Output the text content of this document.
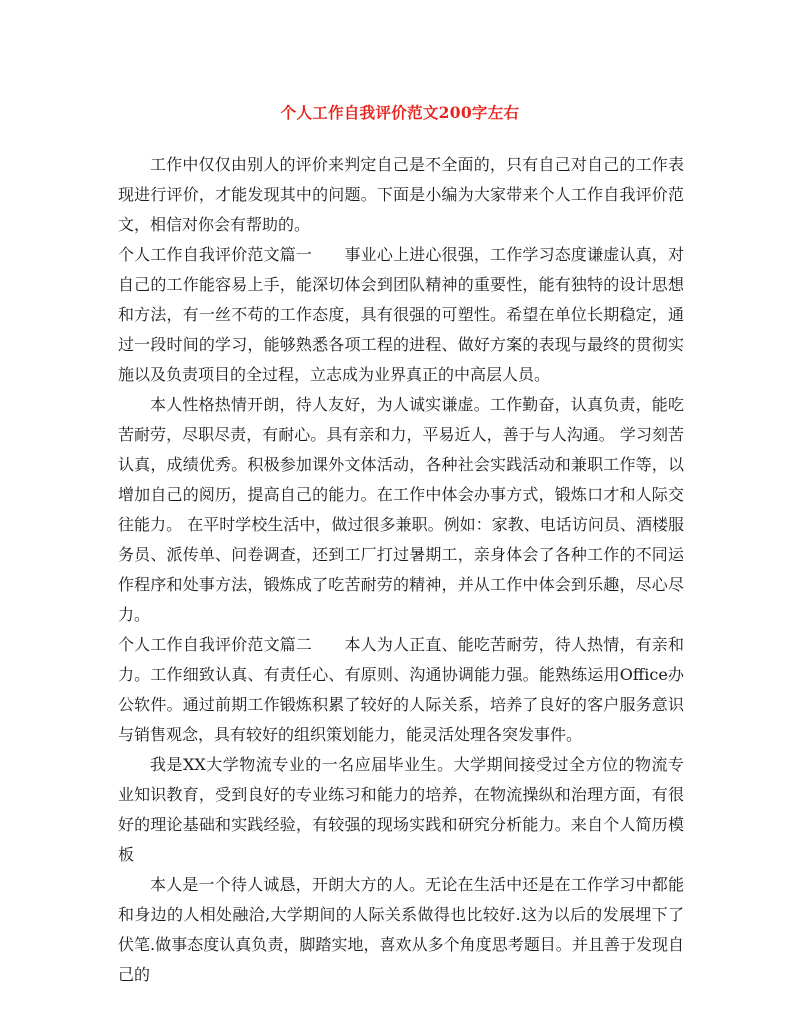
个人工作自我评价范文200字左右

工作中仅仅由别人的评价来判定自己是不全面的，只有自己对自己的工作表现进行评价，才能发现其中的问题。下面是小编为大家带来个人工作自我评价范文，相信对你会有帮助的。

个人工作自我评价范文篇一　　事业心上进心很强，工作学习态度谦虚认真，对自己的工作能容易上手，能深切体会到团队精神的重要性，能有独特的设计思想和方法，有一丝不苟的工作态度，具有很强的可塑性。希望在单位长期稳定，通过一段时间的学习，能够熟悉各项工程的进程、做好方案的表现与最终的贯彻实施以及负责项目的全过程，立志成为业界真正的中高层人员。

本人性格热情开朗，待人友好，为人诚实谦虚。工作勤奋，认真负责，能吃苦耐劳，尽职尽责，有耐心。具有亲和力，平易近人，善于与人沟通。 学习刻苦认真，成绩优秀。积极参加课外文体活动，各种社会实践活动和兼职工作等，以增加自己的阅历，提高自己的能力。在工作中体会办事方式，锻炼口才和人际交往能力。 在平时学校生活中，做过很多兼职。例如：家教、电话访问员、酒楼服务员、派传单、问卷调查，还到工厂打过暑期工，亲身体会了各种工作的不同运作程序和处事方法，锻炼成了吃苦耐劳的精神，并从工作中体会到乐趣，尽心尽力。

个人工作自我评价范文篇二　　本人为人正直、能吃苦耐劳，待人热情，有亲和力。工作细致认真、有责任心、有原则、沟通协调能力强。能熟练运用Office办公软件。通过前期工作锻炼积累了较好的人际关系，培养了良好的客户服务意识与销售观念，具有较好的组织策划能力，能灵活处理各突发事件。

我是XX大学物流专业的一名应届毕业生。大学期间接受过全方位的物流专业知识教育，受到良好的专业练习和能力的培养，在物流操纵和治理方面，有很好的理论基础和实践经验，有较强的现场实践和研究分析能力。来自个人简历模板

本人是一个待人诚恳，开朗大方的人。无论在生活中还是在工作学习中都能和身边的人相处融洽,大学期间的人际关系做得也比较好.这为以后的发展埋下了伏笔.做事态度认真负责，脚踏实地，喜欢从多个角度思考题目。并且善于发现自己的
